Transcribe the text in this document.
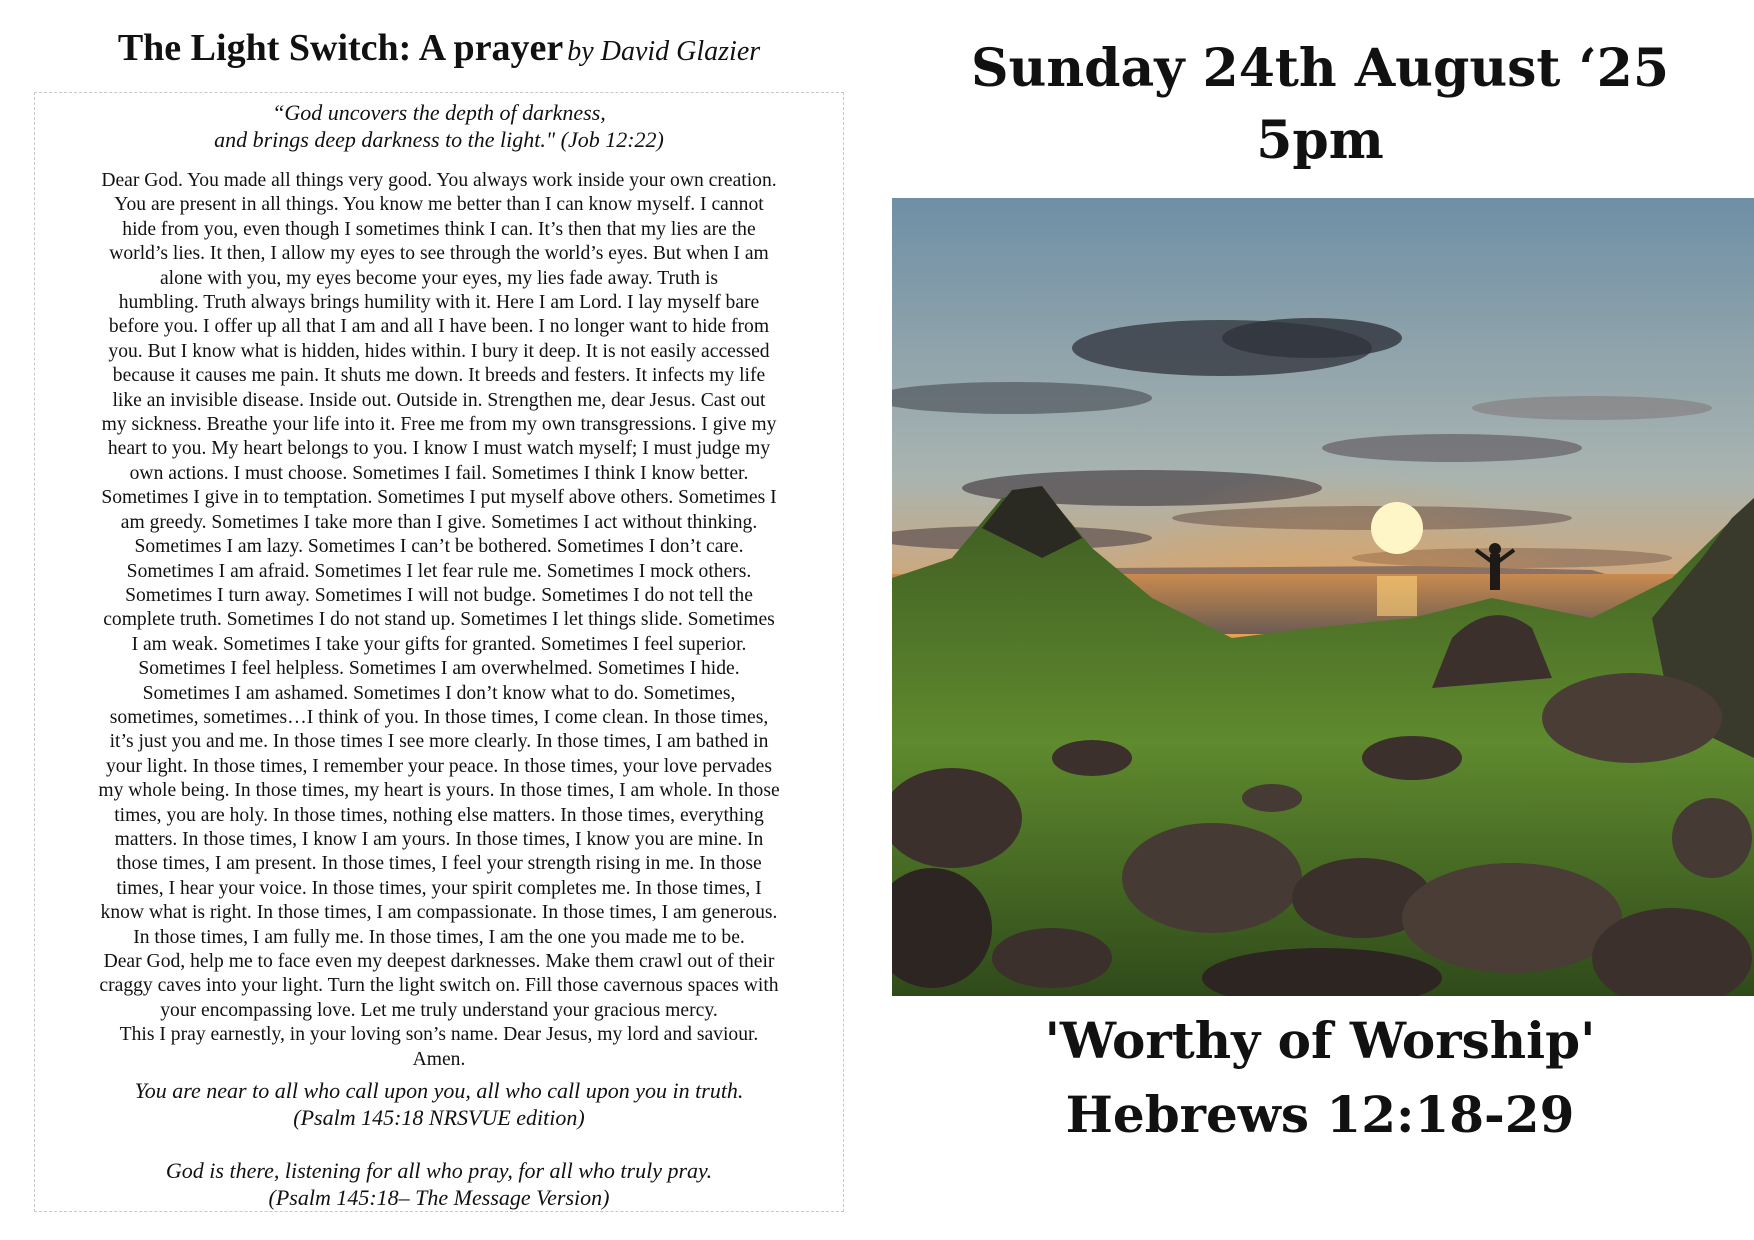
The Light Switch: A prayer by David Glazier
“God uncovers the depth of darkness,
and brings deep darkness to the light." (Job 12:22)
Dear God. You made all things very good. You always work inside your own creation.
You are present in all things. You know me better than I can know myself. I cannot
hide from you, even though I sometimes think I can. It’s then that my lies are the
world’s lies. It then, I allow my eyes to see through the world’s eyes. But when I am
alone with you, my eyes become your eyes, my lies fade away. Truth is
humbling. Truth always brings humility with it. Here I am Lord. I lay myself bare
before you. I offer up all that I am and all I have been. I no longer want to hide from
you. But I know what is hidden, hides within. I bury it deep. It is not easily accessed
because it causes me pain. It shuts me down. It breeds and festers. It infects my life
like an invisible disease. Inside out. Outside in. Strengthen me, dear Jesus. Cast out
my sickness. Breathe your life into it. Free me from my own transgressions. I give my
heart to you. My heart belongs to you. I know I must watch myself; I must judge my
own actions. I must choose. Sometimes I fail. Sometimes I think I know better.
Sometimes I give in to temptation. Sometimes I put myself above others. Sometimes I
am greedy. Sometimes I take more than I give. Sometimes I act without thinking.
Sometimes I am lazy. Sometimes I can’t be bothered. Sometimes I don’t care.
Sometimes I am afraid. Sometimes I let fear rule me. Sometimes I mock others.
Sometimes I turn away. Sometimes I will not budge. Sometimes I do not tell the
complete truth. Sometimes I do not stand up. Sometimes I let things slide. Sometimes
I am weak. Sometimes I take your gifts for granted. Sometimes I feel superior.
Sometimes I feel helpless. Sometimes I am overwhelmed. Sometimes I hide.
Sometimes I am ashamed. Sometimes I don’t know what to do. Sometimes,
sometimes, sometimes…I think of you. In those times, I come clean. In those times,
it’s just you and me. In those times I see more clearly. In those times, I am bathed in
your light. In those times, I remember your peace. In those times, your love pervades
my whole being. In those times, my heart is yours. In those times, I am whole. In those
times, you are holy. In those times, nothing else matters. In those times, everything
matters. In those times, I know I am yours. In those times, I know you are mine. In
those times, I am present. In those times, I feel your strength rising in me. In those
times, I hear your voice. In those times, your spirit completes me. In those times, I
know what is right. In those times, I am compassionate. In those times, I am generous.
In those times, I am fully me. In those times, I am the one you made me to be.
Dear God, help me to face even my deepest darknesses. Make them crawl out of their
craggy caves into your light. Turn the light switch on. Fill those cavernous spaces with
your encompassing love. Let me truly understand your gracious mercy.
This I pray earnestly, in your loving son’s name. Dear Jesus, my lord and saviour.
Amen.
You are near to all who call upon you, all who call upon you in truth.
(Psalm 145:18 NRSVUE edition)
God is there, listening for all who pray, for all who truly pray.
(Psalm 145:18– The Message Version)
Sunday 24th August ‘25
5pm
'Worthy of Worship'
Hebrews 12:18-29
